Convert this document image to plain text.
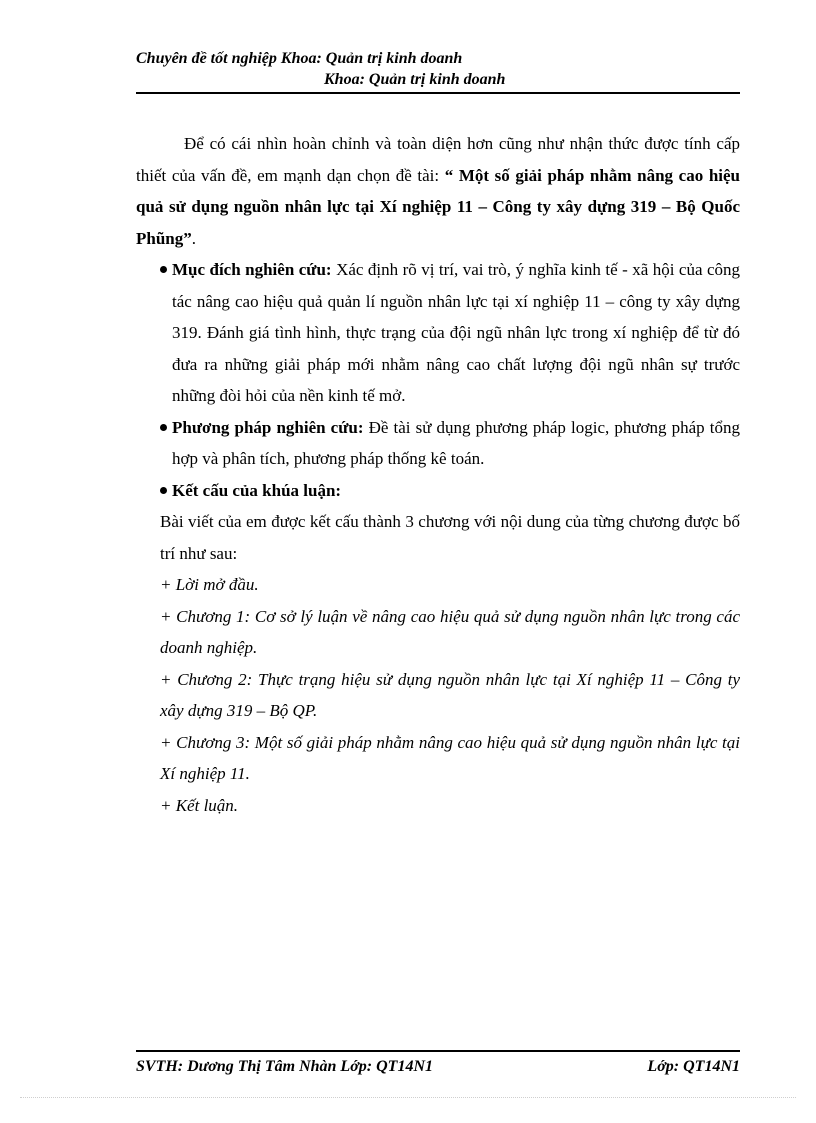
Chuyên đề tốt nghiệp Khoa: Quản trị kinh doanh
Khoa: Quản trị kinh doanh

Để có cái nhìn hoàn chỉnh và toàn diện hơn cũng như nhận thức được tính cấp thiết của vấn đề, em mạnh dạn chọn đề tài: “ Một số giải pháp nhằm nâng cao hiệu quả sử dụng nguồn nhân lực tại Xí nghiệp 11 – Công ty xây dựng 319 – Bộ Quốc Phũng”.

Mục đích nghiên cứu: Xác định rõ vị trí, vai trò, ý nghĩa kinh tế - xã hội của công tác nâng cao hiệu quả quản lí nguồn nhân lực tại xí nghiệp 11 – công ty xây dựng 319. Đánh giá tình hình, thực trạng của đội ngũ nhân lực trong xí nghiệp để từ đó đưa ra những giải pháp mới nhằm nâng cao chất lượng đội ngũ nhân sự trước những đòi hỏi của nền kinh tế mở.
Phương pháp nghiên cứu: Đề tài sử dụng phương pháp logic, phương pháp tổng hợp và phân tích, phương pháp thống kê toán.
Kết cấu của khúa luận:

Bài viết của em được kết cấu thành 3 chương với nội dung của từng chương được bố trí như sau:

+ Lời mở đầu.

+ Chương 1: Cơ sở lý luận về nâng cao hiệu quả sử dụng nguồn nhân lực trong các doanh nghiệp.

+ Chương 2: Thực trạng hiệu sử dụng nguồn nhân lực tại Xí nghiệp 11 – Công ty xây dựng 319 – Bộ QP.

+ Chương 3: Một số giải pháp nhằm nâng cao hiệu quả sử dụng nguồn nhân lực tại Xí nghiệp 11.

+ Kết luận.

SVTH: Dương Thị Tâm Nhàn Lớp: QT14N1	Lớp: QT14N1
